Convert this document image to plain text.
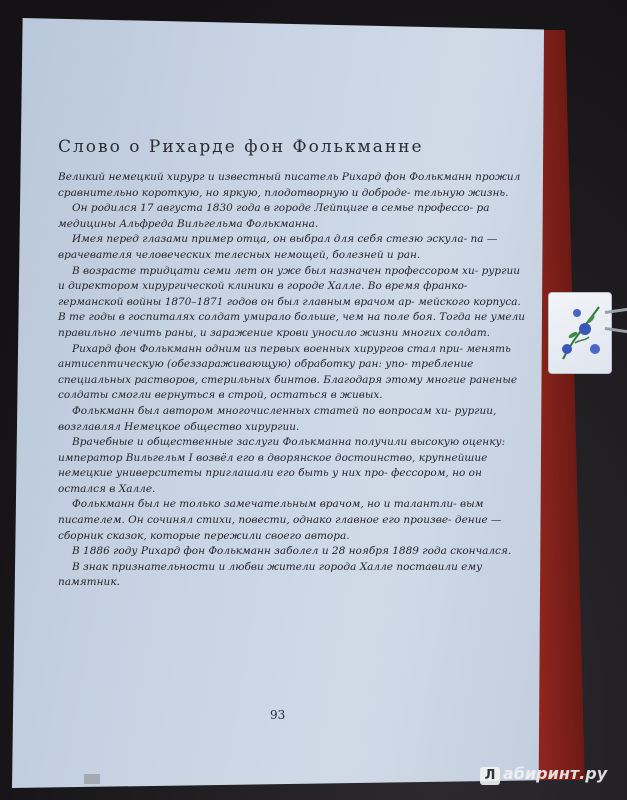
Слово о Рихарде фон Фолькманне

Великий немецкий хирург и известный писатель Рихард фон Фолькманн прожил сравнительно короткую, но яркую, плодотворную и доброде- тельную жизнь.

Он родился 17 августа 1830 года в городе Лейпциге в семье профессо- ра медицины Альфреда Вильгельма Фолькманна.

Имея перед глазами пример отца, он выбрал для себя стезю эскула- па — врачевателя человеческих телесных немощей, болезней и ран.

В возрасте тридцати семи лет он уже был назначен профессором хи- рургии и директором хирургической клиники в городе Халле. Во время франко-германской войны 1870–1871 годов он был главным врачом ар- мейского корпуса. В те годы в госпиталях солдат умирало больше, чем на поле боя. Тогда не умели правильно лечить раны, и заражение крови уносило жизни многих солдат.

Рихард фон Фолькманн одним из первых военных хирургов стал при- менять антисептическую (обеззараживающую) обработку ран: упо- требление специальных растворов, стерильных бинтов. Благодаря этому многие раненые солдаты смогли вернуться в строй, остаться в живых.

Фолькманн был автором многочисленных статей по вопросам хи- рургии, возглавлял Немецкое общество хирургии.

Врачебные и общественные заслуги Фолькманна получили высокую оценку: император Вильгельм I возвёл его в дворянское достоинство, крупнейшие немецкие университеты приглашали его быть у них про- фессором, но он остался в Халле.

Фолькманн был не только замечательным врачом, но и талантли- вым писателем. Он сочинял стихи, повести, однако главное его произве- дение — сборник сказок, которые пережили своего автора.

В 1886 году Рихард фон Фолькманн заболел и 28 ноября 1889 года скончался.

В знак признательности и любви жители города Халле поставили ему памятник.

93
Л абиринт.ру
